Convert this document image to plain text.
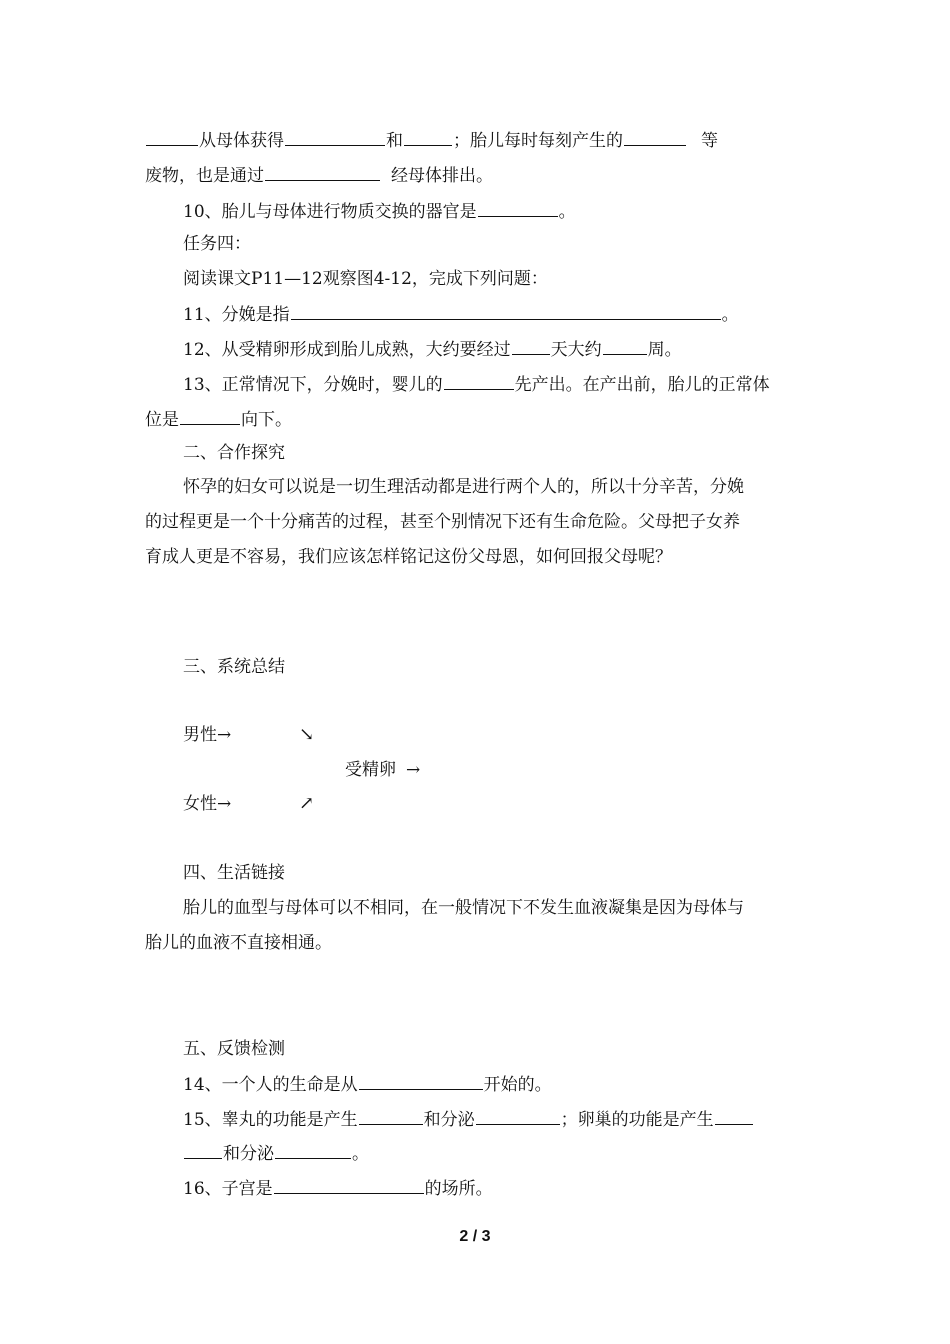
从母体获得	和	；胎儿每时每刻产生的	等
废物，也是通过	经母体排出。
10、胎儿与母体进行物质交换的器官是	。
任务四：
阅读课文P11—12观察图4-12，完成下列问题：
11、分娩是指	。
12、从受精卵形成到胎儿成熟，大约要经过 天大约	周。
13、正常情况下，分娩时，婴儿的	先产出。在产出前，胎儿的正常体
位是	向下。
二、合作探究
怀孕的妇女可以说是一切生理活动都是进行两个人的，所以十分辛苦，分娩
的过程更是一个十分痛苦的过程，甚至个别情况下还有生命危险。父母把子女养
育成人更是不容易，我们应该怎样铭记这份父母恩，如何回报父母呢？
三、系统总结
男性→	↘
受精卵 →
女性→	↗
四、生活链接
胎儿的血型与母体可以不相同，在一般情况下不发生血液凝集是因为母体与
胎儿的血液不直接相通。
五、反馈检测
14、一个人的生命是从	开始的。
15、睾丸的功能是产生	和分泌	；卵巢的功能是产生
和分泌	。
16、子宫是	的场所。
2 / 3
